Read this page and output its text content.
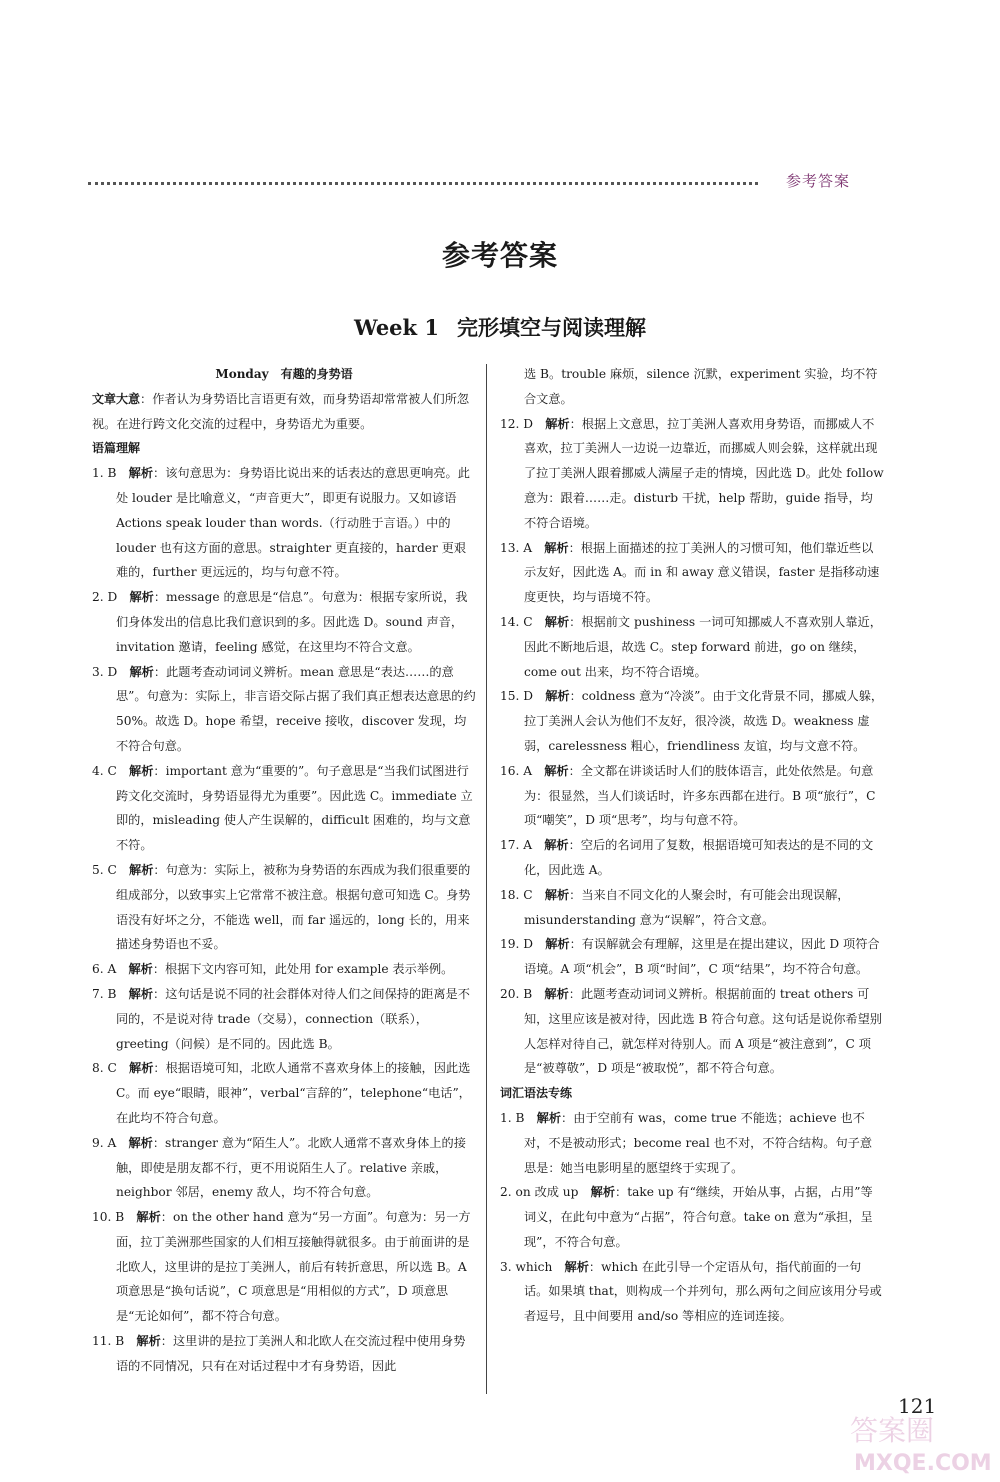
参考答案
参考答案
Week 1 完形填空与阅读理解

Monday　有趣的身势语

文章大意：作者认为身势语比言语更有效，而身势语却常常被人们所忽视。在进行跨文化交流的过程中，身势语尤为重要。

语篇理解

1. B　 解析：该句意思为：身势语比说出来的话表达的意思更响亮。此处 louder 是比喻意义，“声音更大”，即更有说服力。又如谚语 Actions speak louder than words.（行动胜于言语。）中的 louder 也有这方面的意思。straighter 更直接的，harder 更艰难的，further 更远远的，均与句意不符。

2. D　 解析：message 的意思是“信息”。句意为：根据专家所说，我们身体发出的信息比我们意识到的多。因此选 D。sound 声音，invitation 邀请，feeling 感觉，在这里均不符合文意。

3. D　 解析：此题考查动词词义辨析。mean 意思是“表达……的意思”。句意为：实际上，非言语交际占据了我们真正想表达意思的约 50%。故选 D。hope 希望，receive 接收，discover 发现，均不符合句意。

4. C　 解析：important 意为“重要的”。句子意思是“当我们试图进行跨文化交流时，身势语显得尤为重要”。因此选 C。immediate 立即的，misleading 使人产生误解的，difficult 困难的，均与文意不符。

5. C　 解析：句意为：实际上，被称为身势语的东西成为我们很重要的组成部分，以致事实上它常常不被注意。根据句意可知选 C。身势语没有好坏之分，不能选 well，而 far 遥远的，long 长的，用来描述身势语也不妥。

6. A　 解析：根据下文内容可知，此处用 for example 表示举例。

7. B　 解析：这句话是说不同的社会群体对待人们之间保持的距离是不同的，不是说对待 trade（交易），connection（联系），greeting（问候）是不同的。因此选 B。

8. C　 解析：根据语境可知，北欧人通常不喜欢身体上的接触，因此选 C。而 eye“眼睛，眼神”，verbal“言辞的”，telephone“电话”，在此均不符合句意。

9. A　 解析：stranger 意为“陌生人”。北欧人通常不喜欢身体上的接触，即使是朋友都不行，更不用说陌生人了。relative 亲戚，neighbor 邻居，enemy 敌人，均不符合句意。

10. B　 解析：on the other hand 意为“另一方面”。句意为：另一方面，拉丁美洲那些国家的人们相互接触得就很多。由于前面讲的是北欧人，这里讲的是拉丁美洲人，前后有转折意思，所以选 B。A 项意思是“换句话说”，C 项意思是“用相似的方式”，D 项意思是“无论如何”，都不符合句意。

11. B　 解析：这里讲的是拉丁美洲人和北欧人在交流过程中使用身势语的不同情况，只有在对话过程中才有身势语，因此

选 B。trouble 麻烦，silence 沉默，experiment 实验，均不符合文意。

12. D　 解析：根据上文意思，拉丁美洲人喜欢用身势语，而挪威人不喜欢，拉丁美洲人一边说一边靠近，而挪威人则会躲，这样就出现了拉丁美洲人跟着挪威人满屋子走的情境，因此选 D。此处 follow 意为：跟着……走。disturb 干扰，help 帮助，guide 指导，均不符合语境。

13. A　 解析：根据上面描述的拉丁美洲人的习惯可知，他们靠近些以示友好，因此选 A。而 in 和 away 意义错误，faster 是指移动速度更快，均与语境不符。

14. C　 解析：根据前文 pushiness 一词可知挪威人不喜欢别人靠近，因此不断地后退，故选 C。step forward 前进，go on 继续，come out 出来，均不符合语境。

15. D　 解析：coldness 意为“冷淡”。由于文化背景不同，挪威人躲，拉丁美洲人会认为他们不友好，很冷淡，故选 D。weakness 虚弱，carelessness 粗心，friendliness 友谊，均与文意不符。

16. A　 解析：全文都在讲谈话时人们的肢体语言，此处依然是。句意为：很显然，当人们谈话时，许多东西都在进行。B 项“旅行”，C 项“嘲笑”，D 项“思考”，均与句意不符。

17. A　 解析：空后的名词用了复数，根据语境可知表达的是不同的文化，因此选 A。

18. C　 解析：当来自不同文化的人聚会时，有可能会出现误解，misunderstanding 意为“误解”，符合文意。

19. D　 解析：有误解就会有理解，这里是在提出建议，因此 D 项符合语境。A 项“机会”，B 项“时间”，C 项“结果”，均不符合句意。

20. B　 解析：此题考查动词词义辨析。根据前面的 treat others 可知，这里应该是被对待，因此选 B 符合句意。这句话是说你希望别人怎样对待自己，就怎样对待别人。而 A 项是“被注意到”，C 项是“被尊敬”，D 项是“被取悦”，都不符合句意。

词汇语法专练

1. B　 解析：由于空前有 was，come true 不能选；achieve 也不对，不是被动形式；become real 也不对，不符合结构。句子意思是：她当电影明星的愿望终于实现了。

2. on 改成 up　 解析：take up 有“继续，开始从事，占据，占用”等词义，在此句中意为“占据”，符合句意。take on 意为“承担，呈现”，不符合句意。

3. which　 解析：which 在此引导一个定语从句，指代前面的一句话。如果填 that，则构成一个并列句，那么两句之间应该用分号或者逗号，且中间要用 and/so 等相应的连词连接。

121
答案圈
MXQE.COM
